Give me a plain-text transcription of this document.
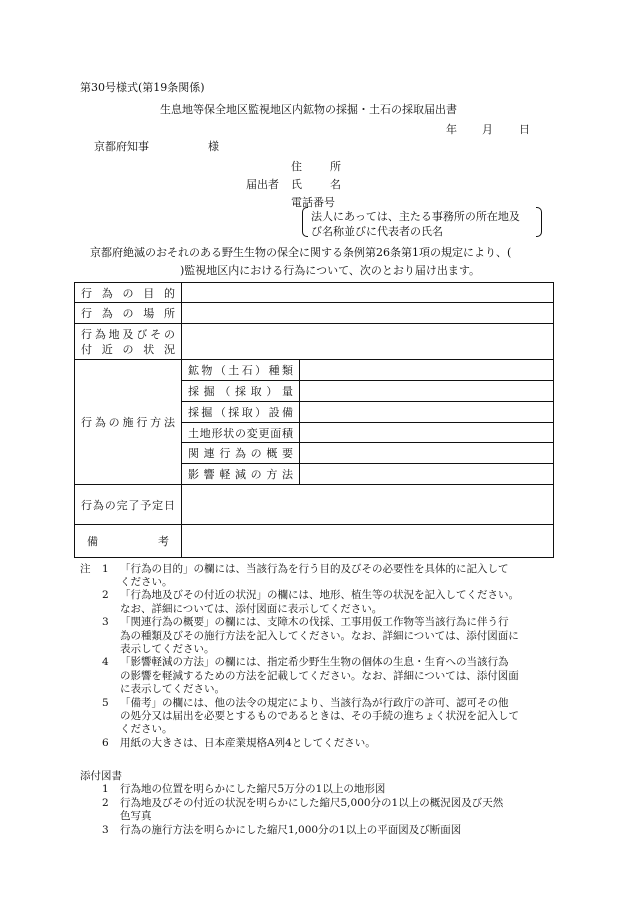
第30号様式(第19条関係)
生息地等保全地区監視地区内鉱物の採掘・土石の採取届出書
年 月 日
京都府知事	様
住	所
届出者 氏	名
電話番号
法人にあっては、主たる事務所の所在地及
び名称並びに代表者の氏名
京都府絶滅のおそれのある野生生物の保全に関する条例第26条第1項の規定により、(
)監視地区内における行為について、次のとおり届け出ます。
行為の目的		
行為の場所		

行為地及びその
付近の状況		

行為の施行方法	鉱物（土石）種類	
	採掘（採取）量	
	採掘（採取）設備	
	土地形状の変更面積	
	関連行為の概要	
	影響軽減の方法	
行為の完了予定日		

備 考		

注 1 「行為の目的」の欄には、当該行為を行う目的及びその必要性を具体的に記入して
ください。
2 「行為地及びその付近の状況」の欄には、地形、植生等の状況を記入してください。
なお、詳細については、添付図面に表示してください。
3 「関連行為の概要」の欄には、支障木の伐採、工事用仮工作物等当該行為に伴う行
為の種類及びその施行方法を記入してください。なお、詳細については、添付図面に
表示してください。
4 「影響軽減の方法」の欄には、指定希少野生生物の個体の生息・生育への当該行為
の影響を軽減するための方法を記載してください。なお、詳細については、添付図面
に表示してください。
5 「備考」の欄には、他の法令の規定により、当該行為が行政庁の許可、認可その他
の処分又は届出を必要とするものであるときは、その手続の進ちょく状況を記入して
ください。
6 用紙の大きさは、日本産業規格A列4としてください。
添付図書
1 行為地の位置を明らかにした縮尺5万分の1以上の地形図
2 行為地及びその付近の状況を明らかにした縮尺5,000分の1以上の概況図及び天然
色写真
3 行為の施行方法を明らかにした縮尺1,000分の1以上の平面図及び断面図
